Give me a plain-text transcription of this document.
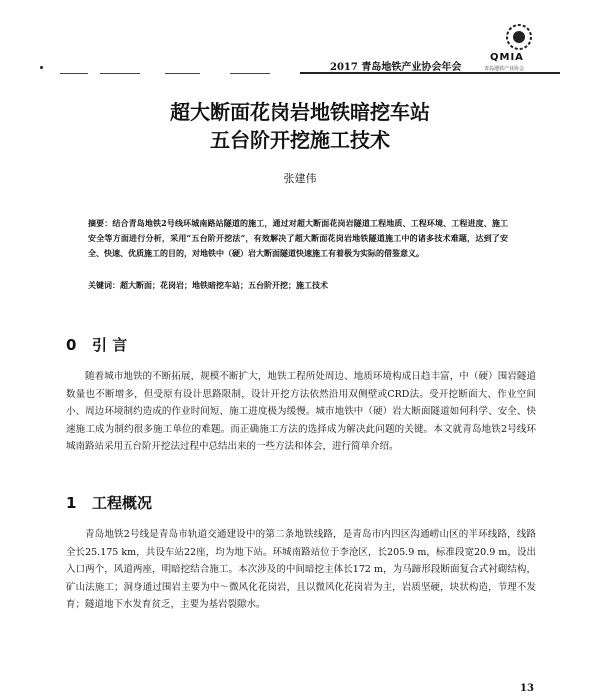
2017 青岛地铁产业协会年会
QMIA
青岛地铁产业协会
超大断面花岗岩地铁暗挖车站
五台阶开挖施工技术
张建伟
摘要：结合青岛地铁2号线环城南路站隧道的施工，通过对超大断面花岗岩隧道工程地质、工程环境、工程进度、施工安全等方面进行分析，采用“五台阶开挖法”，有效解决了超大断面花岗岩地铁隧道施工中的诸多技术难题，达到了安全、快速、优质施工的目的，对地铁中（硬）岩大断面隧道快速施工有着极为实际的借鉴意义。
关键词：超大断面；花岗岩；地铁暗挖车站；五台阶开挖；施工技术
0 引 言
随着城市地铁的不断拓展，规模不断扩大，地铁工程所处周边、地质环境构成日趋丰富，中（硬）围岩隧道数量也不断增多，但受原有设计思路限制，设计开挖方法依然沿用双侧壁或CRD法。受开挖断面大、作业空间小、周边环境制约造成的作业时间短、施工进度极为缓慢。城市地铁中（硬）岩大断面隧道如何科学、安全、快速施工成为制约很多施工单位的难题。而正确施工方法的选择成为解决此问题的关键。本文就青岛地铁2号线环城南路站采用五台阶开挖法过程中总结出来的一些方法和体会，进行简单介绍。
1 工程概况
青岛地铁2号线是青岛市轨道交通建设中的第二条地铁线路，是青岛市内四区沟通崂山区的半环线路，线路全长25.175 km，共设车站22座，均为地下站。环城南路站位于李沧区，长205.9 m，标准段宽20.9 m，设出入口两个，风道两座，明暗挖结合施工。本次涉及的中间暗挖主体长172 m，为马蹄形段断面复合式衬砌结构，矿山法施工；洞身通过围岩主要为中～微风化花岗岩，且以微风化花岗岩为主，岩质坚硬，块状构造，节理不发育；隧道地下水发育贫乏，主要为基岩裂隙水。
13
